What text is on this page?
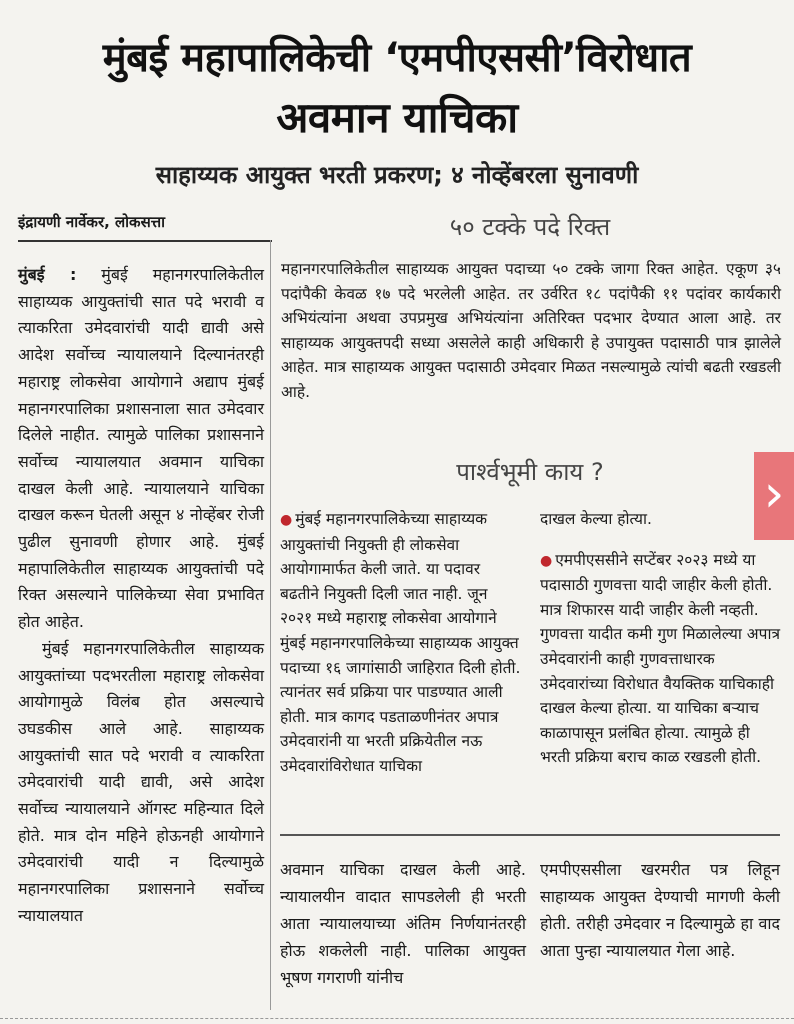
मुंबई महापालिकेची ‘एमपीएससी’विरोधात
अवमान याचिका
साहाय्यक आयुक्त भरती प्रकरण; ४ नोव्हेंबरला सुनावणी
इंद्रायणी नार्वेकर, लोकसत्ता
मुंबई : मुंबई महानगरपालिकेतील साहाय्यक आयुक्तांची सात पदे भरावी व त्याकरिता उमेदवारांची यादी द्यावी असे आदेश सर्वोच्च न्यायालयाने दिल्यानंतरही महाराष्ट्र लोकसेवा आयोगाने अद्याप मुंबई महानगरपालिका प्रशासनाला सात उमेदवार दिलेले नाहीत. त्यामुळे पालिका प्रशासनाने सर्वोच्च न्यायालयात अवमान याचिका दाखल केली आहे. न्यायालयाने याचिका दाखल करून घेतली असून ४ नोव्हेंबर रोजी पुढील सुनावणी होणार आहे. मुंबई महापालिकेतील साहाय्यक आयुक्तांची पदे रिक्त असल्याने पालिकेच्या सेवा प्रभावित होत आहेत.
मुंबई महानगरपालिकेतील साहाय्यक आयुक्तांच्या पदभरतीला महाराष्ट्र लोकसेवा आयोगामुळे विलंब होत असल्याचे उघडकीस आले आहे. साहाय्यक आयुक्तांची सात पदे भरावी व त्याकरिता उमेदवारांची यादी द्यावी, असे आदेश सर्वोच्च न्यायालयाने ऑगस्ट महिन्यात दिले होते. मात्र दोन महिने होऊनही आयोगाने उमेदवारांची यादी न दिल्यामुळे महानगरपालिका प्रशासनाने सर्वोच्च न्यायालयात
५० टक्के पदे रिक्त
महानगरपालिकेतील साहाय्यक आयुक्त पदाच्या ५० टक्के जागा रिक्त आहेत. एकूण ३५ पदांपैकी केवळ १७ पदे भरलेली आहेत. तर उर्वरित १८ पदांपैकी ११ पदांवर कार्यकारी अभियंत्यांना अथवा उपप्रमुख अभियंत्यांना अतिरिक्त पदभार देण्यात आला आहे. तर साहाय्यक आयुक्तपदी सध्या असलेले काही अधिकारी हे उपायुक्त पदासाठी पात्र झालेले आहेत. मात्र साहाय्यक आयुक्त पदासाठी उमेदवार मिळत नसल्यामुळे त्यांची बढती रखडली आहे.
पार्श्वभूमी काय ?
● मुंबई महानगरपालिकेच्या साहाय्यक आयुक्तांची नियुक्ती ही लोकसेवा आयोगामार्फत केली जाते. या पदावर बढतीने नियुक्ती दिली जात नाही. जून २०२१ मध्ये महाराष्ट्र लोकसेवा आयोगाने मुंबई महानगरपालिकेच्या साहाय्यक आयुक्त पदाच्या १६ जागांसाठी जाहिरात दिली होती. त्यानंतर सर्व प्रक्रिया पार पाडण्यात आली होती. मात्र कागद पडताळणीनंतर अपात्र उमेदवारांनी या भरती प्रक्रियेतील नऊ उमेदवारांविरोधात याचिका
दाखल केल्या होत्या.
● एमपीएससीने सप्टेंबर २०२३ मध्ये या पदासाठी गुणवत्ता यादी जाहीर केली होती. मात्र शिफारस यादी जाहीर केली नव्हती. गुणवत्ता यादीत कमी गुण मिळालेल्या अपात्र उमेदवारांनी काही गुणवत्ताधारक उमेदवारांच्या विरोधात वैयक्तिक याचिकाही दाखल केल्या होत्या. या याचिका बऱ्याच काळापासून प्रलंबित होत्या. त्यामुळे ही भरती प्रक्रिया बराच काळ रखडली होती.
अवमान याचिका दाखल केली आहे. न्यायालयीन वादात सापडलेली ही भरती आता न्यायालयाच्या अंतिम निर्णयानंतरही होऊ शकलेली नाही. पालिका आयुक्त भूषण गगराणी यांनीच
एमपीएससीला खरमरीत पत्र लिहून साहाय्यक आयुक्त देण्याची मागणी केली होती. तरीही उमेदवार न दिल्यामुळे हा वाद आता पुन्हा न्यायालयात गेला आहे.
›
